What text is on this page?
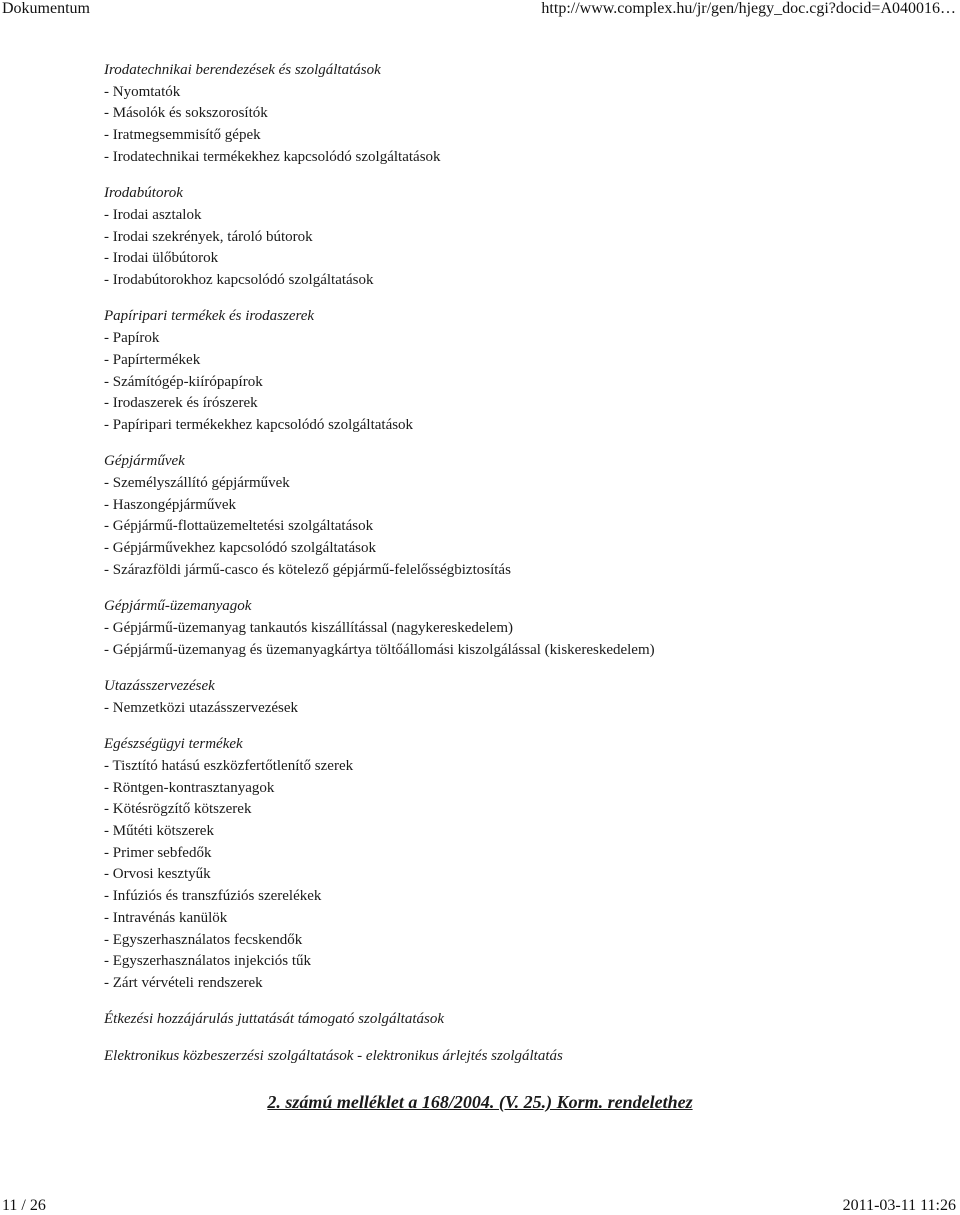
Dokumentum	http://www.complex.hu/jr/gen/hjegy_doc.cgi?docid=A040016…
Irodatechnikai berendezések és szolgáltatások
- Nyomtatók
- Másolók és sokszorosítók
- Iratmegsemmisítő gépek
- Irodatechnikai termékekhez kapcsolódó szolgáltatások
Irodabútorok
- Irodai asztalok
- Irodai szekrények, tároló bútorok
- Irodai ülőbútorok
- Irodabútorokhoz kapcsolódó szolgáltatások
Papíripari termékek és irodaszerek
- Papírok
- Papírtermékek
- Számítógép-kiírópapírok
- Irodaszerek és írószerek
- Papíripari termékekhez kapcsolódó szolgáltatások
Gépjárművek
- Személyszállító gépjárművek
- Haszongépjárművek
- Gépjármű-flottaüzemeltetési szolgáltatások
- Gépjárművekhez kapcsolódó szolgáltatások
- Szárazföldi jármű-casco és kötelező gépjármű-felelősségbiztosítás
Gépjármű-üzemanyagok
- Gépjármű-üzemanyag tankautós kiszállítással (nagykereskedelem)
- Gépjármű-üzemanyag és üzemanyagkártya töltőállomási kiszolgálással (kiskereskedelem)
Utazásszervezések
- Nemzetközi utazásszervezések
Egészségügyi termékek
- Tisztító hatású eszközfertőtlenítő szerek
- Röntgen-kontrasztanyagok
- Kötésrögzítő kötszerek
- Műtéti kötszerek
- Primer sebfedők
- Orvosi kesztyűk
- Infúziós és transzfúziós szerelékek
- Intravénás kanülök
- Egyszerhasználatos fecskendők
- Egyszerhasználatos injekciós tűk
- Zárt vérvételi rendszerek
Étkezési hozzájárulás juttatását támogató szolgáltatások
Elektronikus közbeszerzési szolgáltatások - elektronikus árlejtés szolgáltatás
2. számú melléklet a 168/2004. (V. 25.) Korm. rendelethez
11 / 26	2011-03-11 11:26
